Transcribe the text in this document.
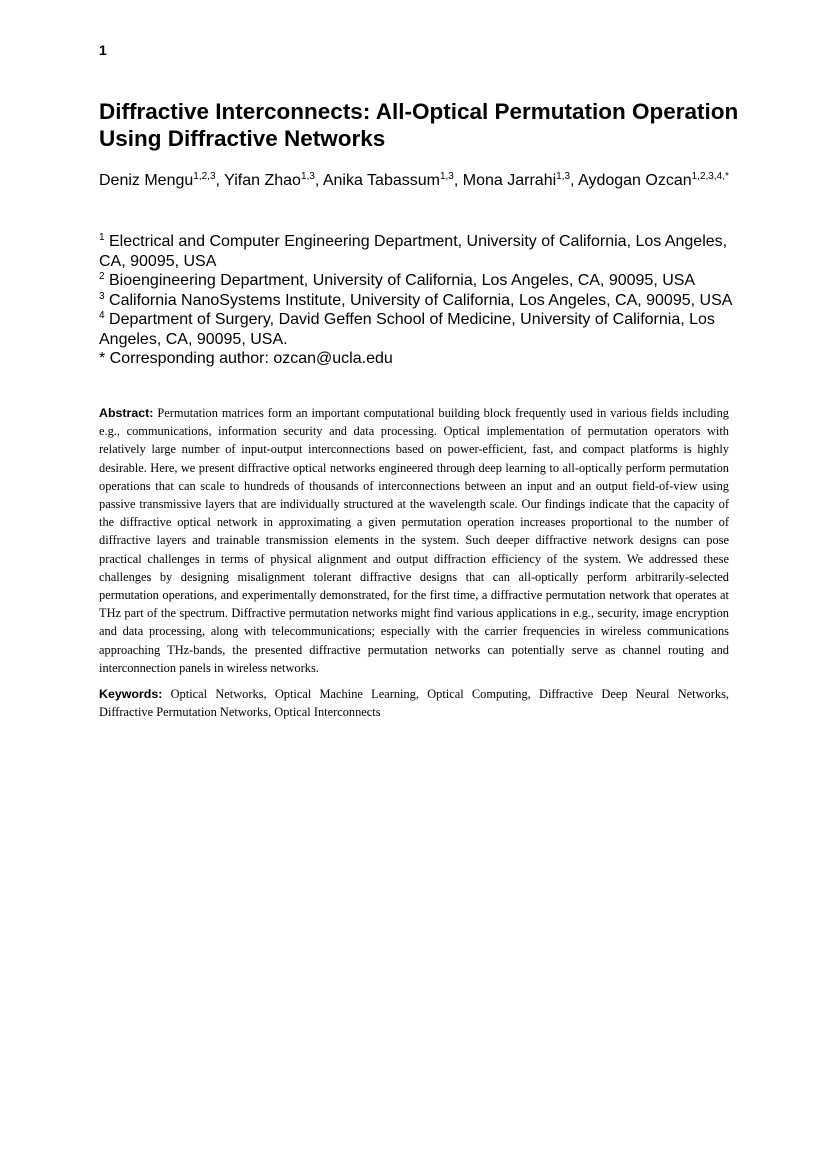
1
Diffractive Interconnects: All-Optical Permutation Operation Using Diffractive Networks
Deniz Mengu$^{1,2,3}$, Yifan Zhao$^{1,3}$, Anika Tabassum$^{1,3}$, Mona Jarrahi$^{1,3}$, Aydogan Ozcan$^{1,2,3,4,*}$

$^1$ Electrical and Computer Engineering Department, University of California, Los Angeles, CA, 90095, USA

$^2$ Bioengineering Department, University of California, Los Angeles, CA, 90095, USA

$^3$ California NanoSystems Institute, University of California, Los Angeles, CA, 90095, USA

$^4$ Department of Surgery, David Geffen School of Medicine, University of California, Los Angeles, CA, 90095, USA.

* Corresponding author: ozcan@ucla.edu

Abstract: Permutation matrices form an important computational building block frequently used in various fields including e.g., communications, information security and data processing. Optical implementation of permutation operators with relatively large number of input-output interconnections based on power-efficient, fast, and compact platforms is highly desirable. Here, we present diffractive optical networks engineered through deep learning to all-optically perform permutation operations that can scale to hundreds of thousands of interconnections between an input and an output field-of-view using passive transmissive layers that are individually structured at the wavelength scale. Our findings indicate that the capacity of the diffractive optical network in approximating a given permutation operation increases proportional to the number of diffractive layers and trainable transmission elements in the system. Such deeper diffractive network designs can pose practical challenges in terms of physical alignment and output diffraction efficiency of the system. We addressed these challenges by designing misalignment tolerant diffractive designs that can all-optically perform arbitrarily-selected permutation operations, and experimentally demonstrated, for the first time, a diffractive permutation network that operates at THz part of the spectrum. Diffractive permutation networks might find various applications in e.g., security, image encryption and data processing, along with telecommunications; especially with the carrier frequencies in wireless communications approaching THz-bands, the presented diffractive permutation networks can potentially serve as channel routing and interconnection panels in wireless networks.

Keywords: Optical Networks, Optical Machine Learning, Optical Computing, Diffractive Deep Neural Networks, Diffractive Permutation Networks, Optical Interconnects
